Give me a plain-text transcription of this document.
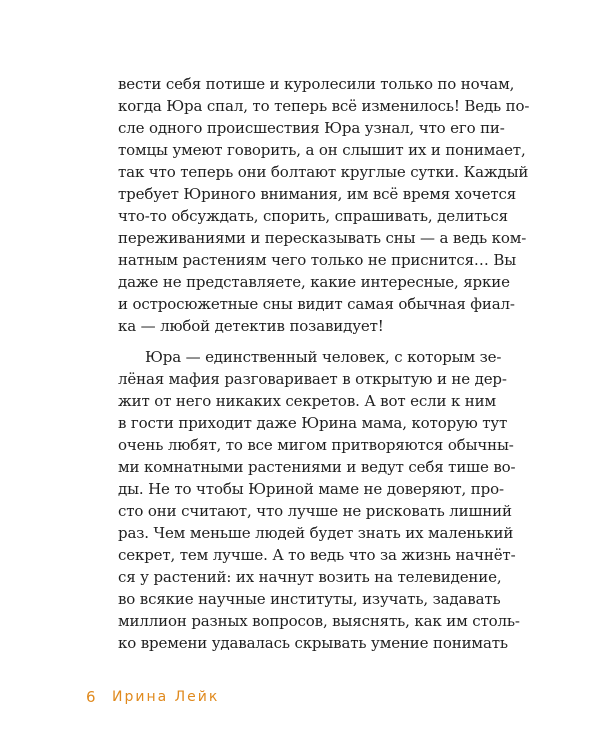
вести себя потише и куролесили только по ночам,
когда Юра спал, то теперь всё изменилось! Ведь по-
сле одного происшествия Юра узнал, что его пи-
томцы умеют говорить, а он слышит их и понимает,
так что теперь они болтают круглые сутки. Каждый
требует Юриного внимания, им всё время хочется
что-то обсуждать, спорить, спрашивать, делиться
переживаниями и пересказывать сны — а ведь ком-
натным растениям чего только не приснится… Вы
даже не представляете, какие интересные, яркие
и остросюжетные сны видит самая обычная фиал-
ка — любой детектив позавидует!
Юра — единственный человек, с которым зе-
лёная мафия разговаривает в открытую и не дер-
жит от него никаких секретов. А вот если к ним
в гости приходит даже Юрина мама, которую тут
очень любят, то все мигом притворяются обычны-
ми комнатными растениями и ведут себя тише во-
ды. Не то чтобы Юриной маме не доверяют, про-
сто они считают, что лучше не рисковать лишний
раз. Чем меньше людей будет знать их маленький
секрет, тем лучше. А то ведь что за жизнь начнёт-
ся у растений: их начнут возить на телевидение,
во всякие научные институты, изучать, задавать
миллион разных вопросов, выяснять, как им столь-
ко времени удавалась скрывать умение понимать
6	Ирина Лейк
